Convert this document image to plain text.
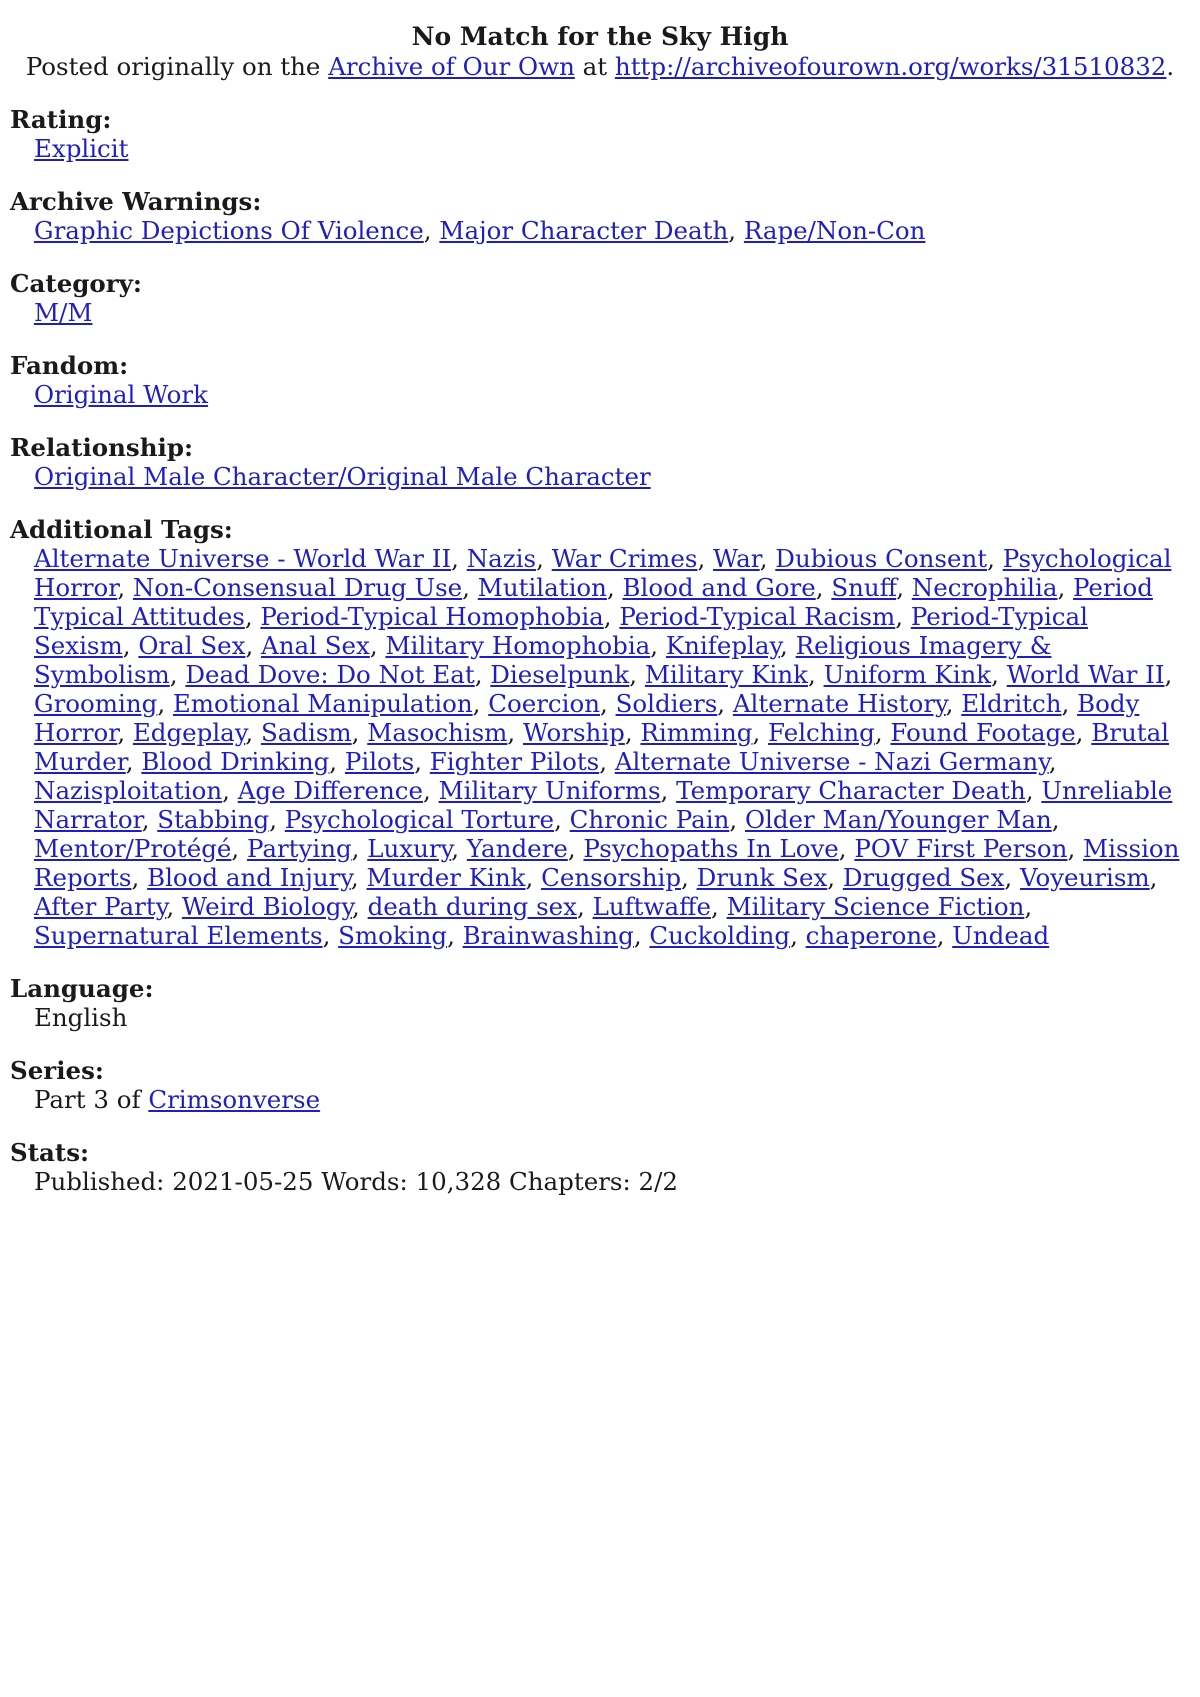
No Match for the Sky High

Posted originally on the Archive of Our Own at http://archiveofourown.org/works/31510832.

Rating:

Explicit

Archive Warnings:

Graphic Depictions Of Violence, Major Character Death, Rape/Non-Con

Category:

M/M

Fandom:

Original Work

Relationship:

Original Male Character/Original Male Character

Additional Tags:

Alternate Universe - World War II, Nazis, War Crimes, War, Dubious Consent, Psychological Horror, Non-Consensual Drug Use, Mutilation, Blood and Gore, Snuff, Necrophilia, Period Typical Attitudes, Period-Typical Homophobia, Period-Typical Racism, Period-Typical Sexism, Oral Sex, Anal Sex, Military Homophobia, Knifeplay, Religious Imagery & Symbolism, Dead Dove: Do Not Eat, Dieselpunk, Military Kink, Uniform Kink, World War II, Grooming, Emotional Manipulation, Coercion, Soldiers, Alternate History, Eldritch, Body Horror, Edgeplay, Sadism, Masochism, Worship, Rimming, Felching, Found Footage, Brutal Murder, Blood Drinking, Pilots, Fighter Pilots, Alternate Universe - Nazi Germany, Nazisploitation, Age Difference, Military Uniforms, Temporary Character Death, Unreliable Narrator, Stabbing, Psychological Torture, Chronic Pain, Older Man/Younger Man, Mentor/Protégé, Partying, Luxury, Yandere, Psychopaths In Love, POV First Person, Mission Reports, Blood and Injury, Murder Kink, Censorship, Drunk Sex, Drugged Sex, Voyeurism, After Party, Weird Biology, death during sex, Luftwaffe, Military Science Fiction, Supernatural Elements, Smoking, Brainwashing, Cuckolding, chaperone, Undead

Language:

English

Series:

Part 3 of Crimsonverse

Stats:

Published: 2021-05-25 Words: 10,328 Chapters: 2/2
